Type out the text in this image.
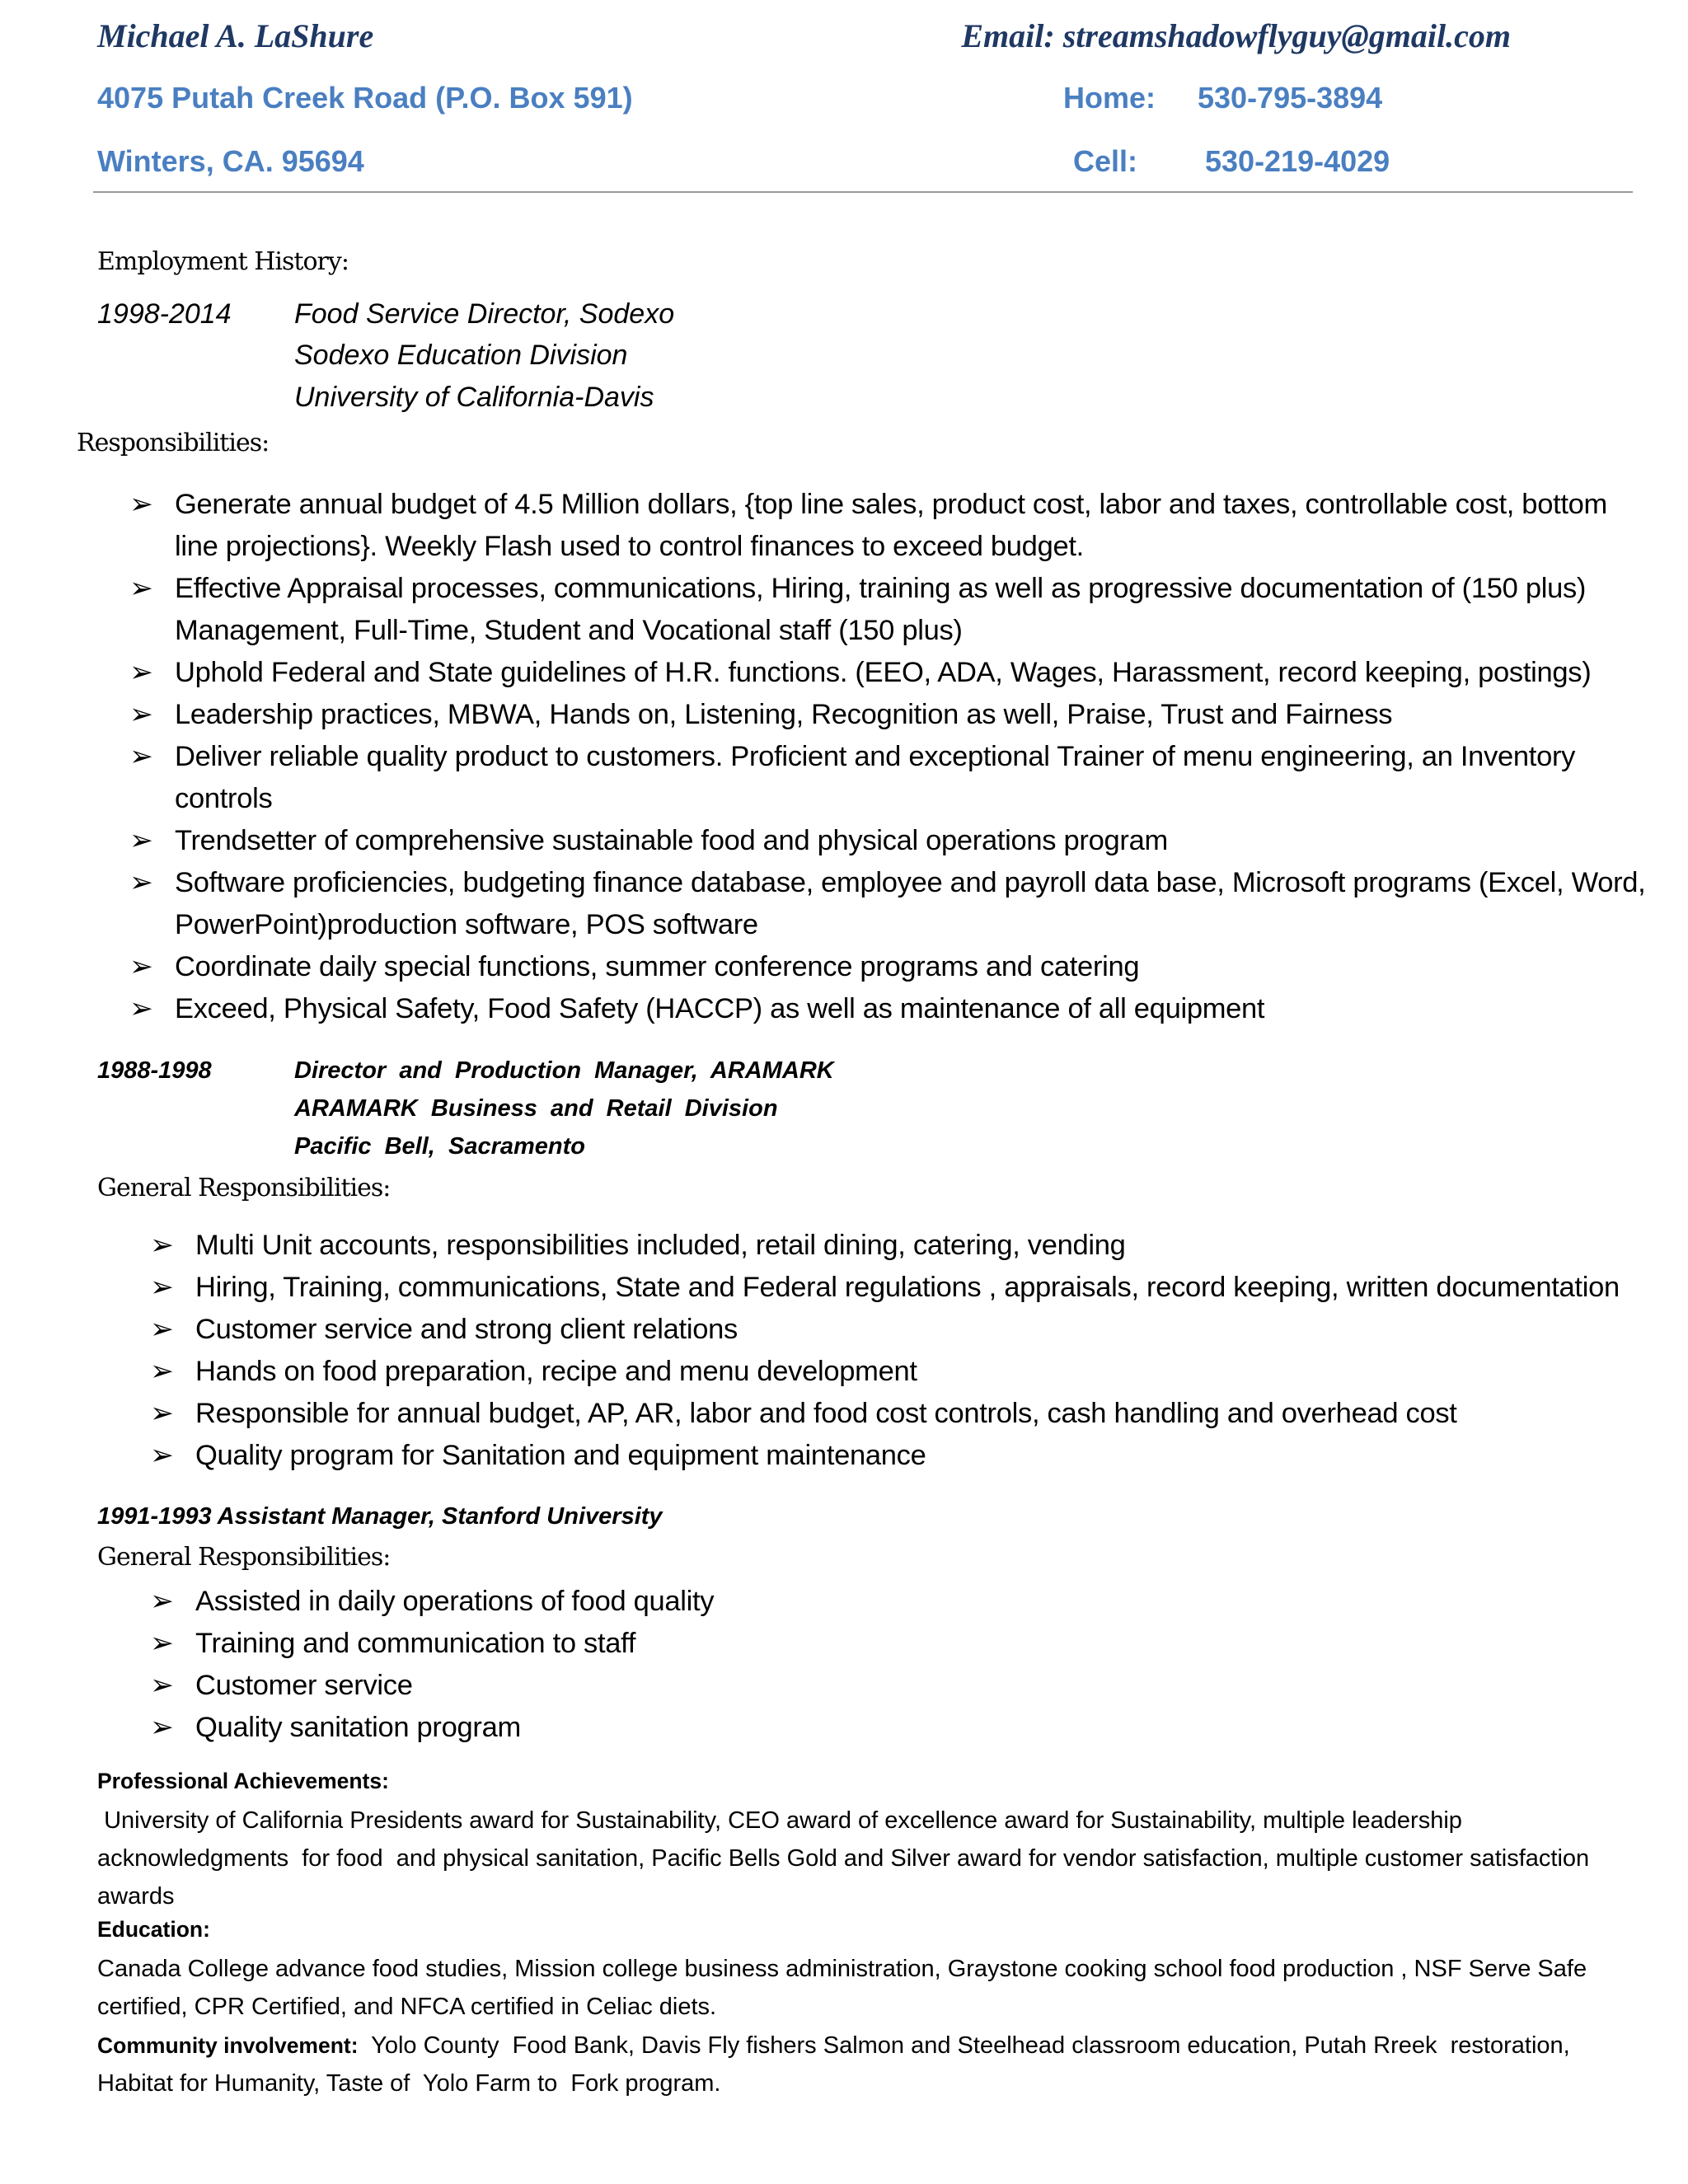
Michael A. LaShure	Email: streamshadowflyguy@gmail.com
4075 Putah Creek Road (P.O. Box 591)	Home: 530-795-3894
Winters, CA. 95694	Cell: 530-219-4029
Employment History:
1998-2014 Food Service Director, Sodexo
Sodexo Education Division
University of California-Davis
Responsibilities:
➢ Generate annual budget of 4.5 Million dollars, {top line sales, product cost, labor and taxes, controllable cost, bottom line projections}. Weekly Flash used to control finances to exceed budget.
➢ Effective Appraisal processes, communications, Hiring, training as well as progressive documentation of (150 plus) Management, Full-Time, Student and Vocational staff (150 plus)
➢ Uphold Federal and State guidelines of H.R. functions. (EEO, ADA, Wages, Harassment, record keeping, postings)
➢ Leadership practices, MBWA, Hands on, Listening, Recognition as well, Praise, Trust and Fairness
➢ Deliver reliable quality product to customers. Proficient and exceptional Trainer of menu engineering, an Inventory controls
➢ Trendsetter of comprehensive sustainable food and physical operations program
➢ Software proficiencies, budgeting finance database, employee and payroll data base, Microsoft programs (Excel, Word, PowerPoint)production software, POS software
➢ Coordinate daily special functions, summer conference programs and catering
➢ Exceed, Physical Safety, Food Safety (HACCP) as well as maintenance of all equipment
1988-1998	Director  and  Production  Manager,  ARAMARK
ARAMARK  Business  and  Retail  Division
Pacific  Bell,  Sacramento
General Responsibilities:
➢ Multi Unit accounts, responsibilities included, retail dining, catering, vending
➢ Hiring, Training, communications, State and Federal regulations , appraisals, record keeping, written documentation
➢ Customer service and strong client relations
➢ Hands on food preparation, recipe and menu development
➢ Responsible for annual budget, AP, AR, labor and food cost controls, cash handling and overhead cost
➢ Quality program for Sanitation and equipment maintenance
1991-1993 Assistant Manager, Stanford University
General Responsibilities:
➢ Assisted in daily operations of food quality
➢ Training and communication to staff
➢ Customer service
➢ Quality sanitation program
Professional Achievements:
University of California Presidents award for Sustainability, CEO award of excellence award for Sustainability, multiple leadership acknowledgments  for food  and physical sanitation, Pacific Bells Gold and Silver award for vendor satisfaction, multiple customer satisfaction awards
Education:
Canada College advance food studies, Mission college business administration, Graystone cooking school food production , NSF Serve Safe certified, CPR Certified, and NFCA certified in Celiac diets.
Community involvement:  Yolo County  Food Bank, Davis Fly fishers Salmon and Steelhead classroom education, Putah Rreek  restoration, Habitat for Humanity, Taste of  Yolo Farm to  Fork program.
